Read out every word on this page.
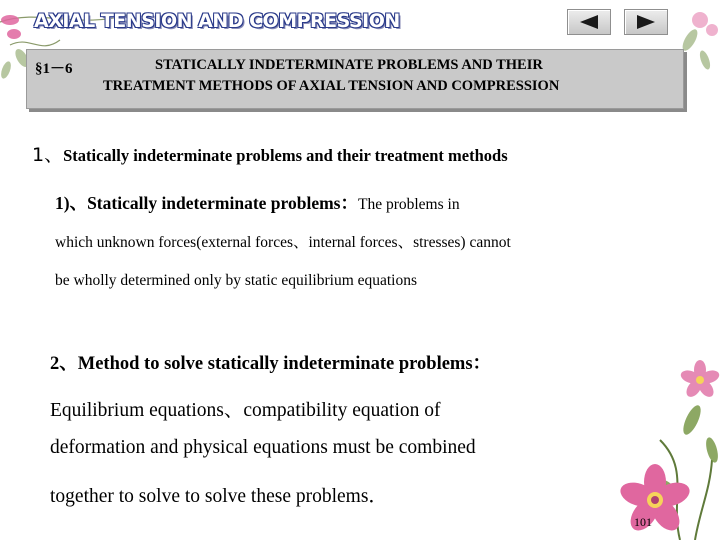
AXIAL TENSION AND COMPRESSION
§1－6	STATICALLY INDETERMINATE PROBLEMS AND THEIR
TREATMENT METHODS OF AXIAL TENSION AND COMPRESSION
1、Statically indeterminate problems and their treatment methods
1)、Statically indeterminate problems：The problems in
which unknown forces(external forces、internal forces、stresses) cannot
be wholly determined only by static equilibrium equations
2、Method to solve statically indeterminate problems：
Equilibrium equations、compatibility equation of
deformation and physical equations must be combined
together to solve to solve these problems．
101
